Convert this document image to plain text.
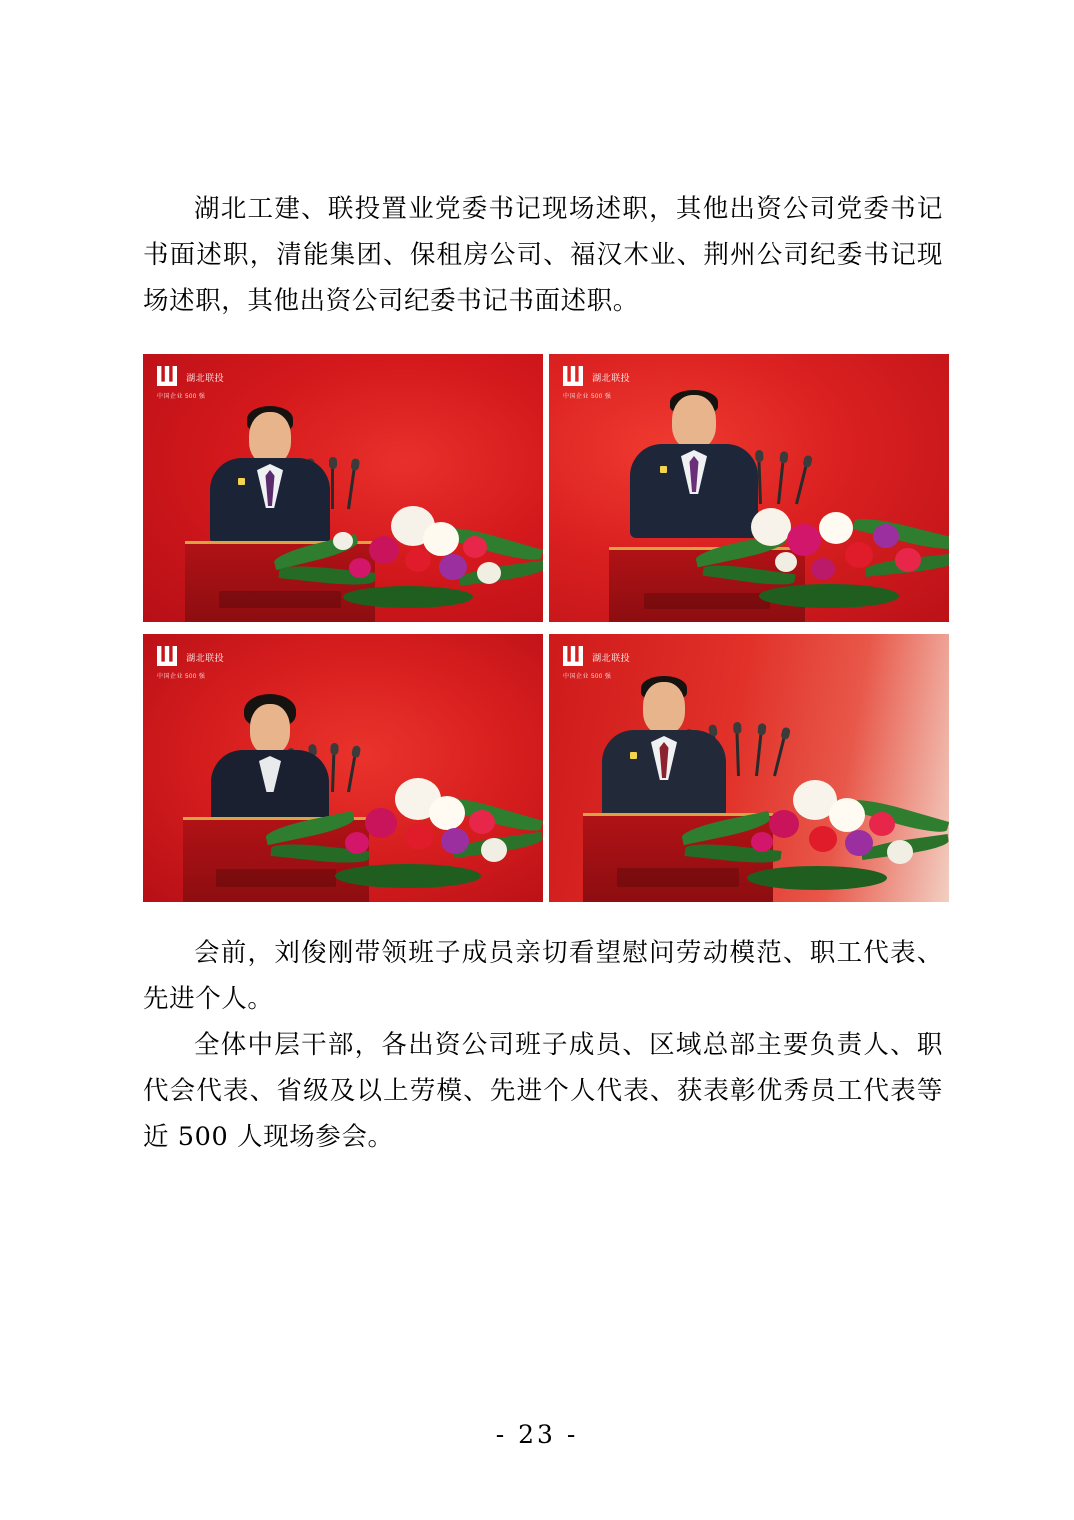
湖北工建、联投置业党委书记现场述职，其他出资公司党委书记书面述职，清能集团、保租房公司、福汉木业、荆州公司纪委书记现场述职，其他出资公司纪委书记书面述职。

湖北联投
中国企业 500 强
湖北联投
中国企业 500 强
湖北联投
中国企业 500 强
湖北联投
中国企业 500 强

会前，刘俊刚带领班子成员亲切看望慰问劳动模范、职工代表、先进个人。

全体中层干部，各出资公司班子成员、区域总部主要负责人、职代会代表、省级及以上劳模、先进个人代表、获表彰优秀员工代表等近 500 人现场参会。

- 23 -
